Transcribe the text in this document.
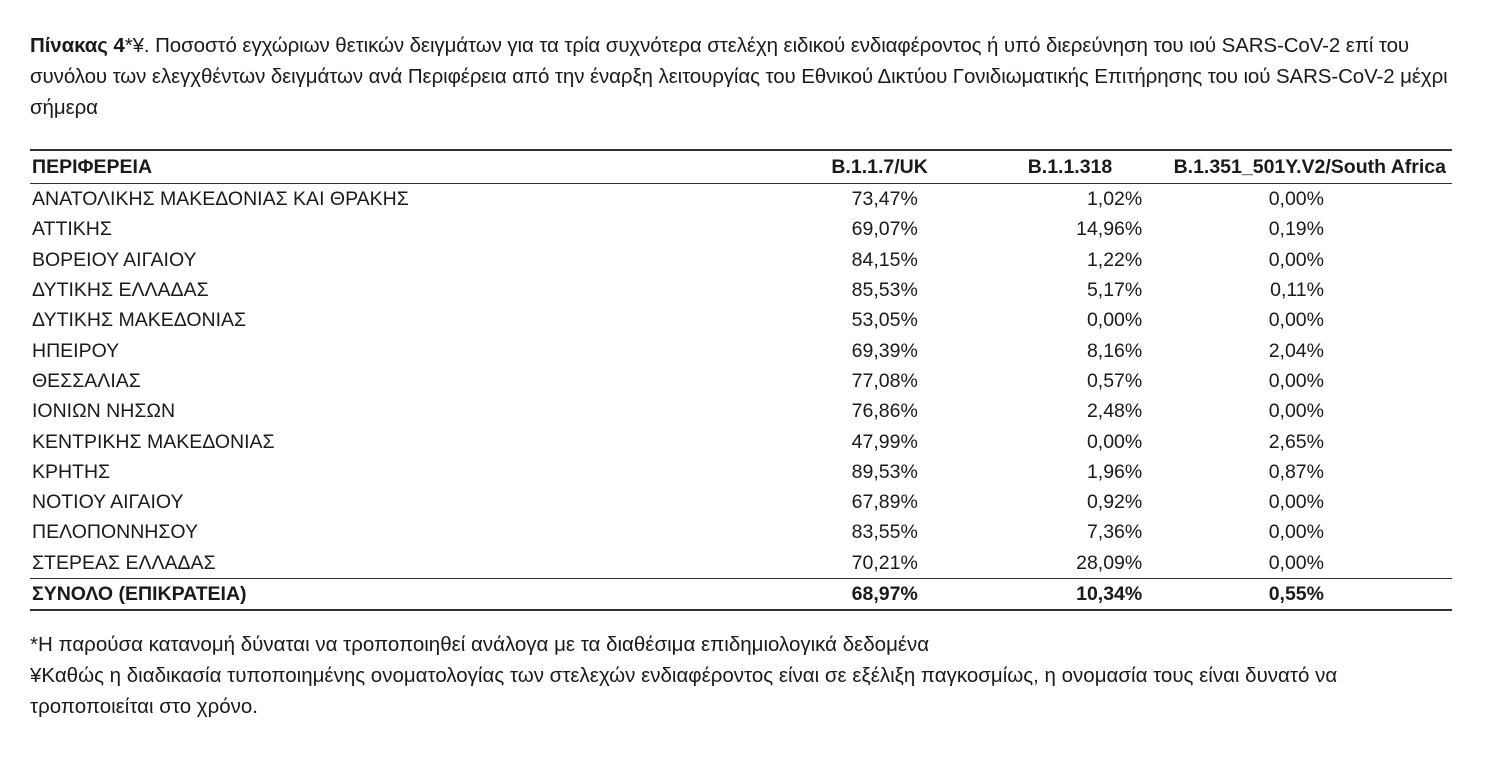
Πίνακας 4*¥. Ποσοστό εγχώριων θετικών δειγμάτων για τα τρία συχνότερα στελέχη ειδικού ενδιαφέροντος ή υπό διερεύνηση του ιού SARS-CoV-2 επί του συνόλου των ελεγχθέντων δειγμάτων ανά Περιφέρεια από την έναρξη λειτουργίας του Εθνικού Δικτύου Γονιδιωματικής Επιτήρησης του ιού SARS-CoV-2 μέχρι σήμερα

ΠΕΡΙΦΕΡΕΙΑ	B.1.1.7/UK	B.1.1.318	B.1.351_501Y.V2/South Africa
ΑΝΑΤΟΛΙΚΗΣ ΜΑΚΕΔΟΝΙΑΣ ΚΑΙ ΘΡΑΚΗΣ	73,47%	1,02%	0,00%
ΑΤΤΙΚΗΣ	69,07%	14,96%	0,19%
ΒΟΡΕΙΟΥ ΑΙΓΑΙΟΥ	84,15%	1,22%	0,00%
ΔΥΤΙΚΗΣ ΕΛΛΑΔΑΣ	85,53%	5,17%	0,11%
ΔΥΤΙΚΗΣ ΜΑΚΕΔΟΝΙΑΣ	53,05%	0,00%	0,00%
ΗΠΕΙΡΟΥ	69,39%	8,16%	2,04%
ΘΕΣΣΑΛΙΑΣ	77,08%	0,57%	0,00%
ΙΟΝΙΩΝ ΝΗΣΩΝ	76,86%	2,48%	0,00%
ΚΕΝΤΡΙΚΗΣ ΜΑΚΕΔΟΝΙΑΣ	47,99%	0,00%	2,65%
ΚΡΗΤΗΣ	89,53%	1,96%	0,87%
ΝΟΤΙΟΥ ΑΙΓΑΙΟΥ	67,89%	0,92%	0,00%
ΠΕΛΟΠΟΝΝΗΣΟΥ	83,55%	7,36%	0,00%
ΣΤΕΡΕΑΣ ΕΛΛΑΔΑΣ	70,21%	28,09%	0,00%
ΣΥΝΟΛΟ (ΕΠΙΚΡΑΤΕΙΑ)	68,97%	10,34%	0,55%

*Η παρούσα κατανομή δύναται να τροποποιηθεί ανάλογα με τα διαθέσιμα επιδημιολογικά δεδομένα

¥Καθώς η διαδικασία τυποποιημένης ονοματολογίας των στελεχών ενδιαφέροντος είναι σε εξέλιξη παγκοσμίως, η ονομασία τους είναι δυνατό να τροποποιείται στο χρόνο.
